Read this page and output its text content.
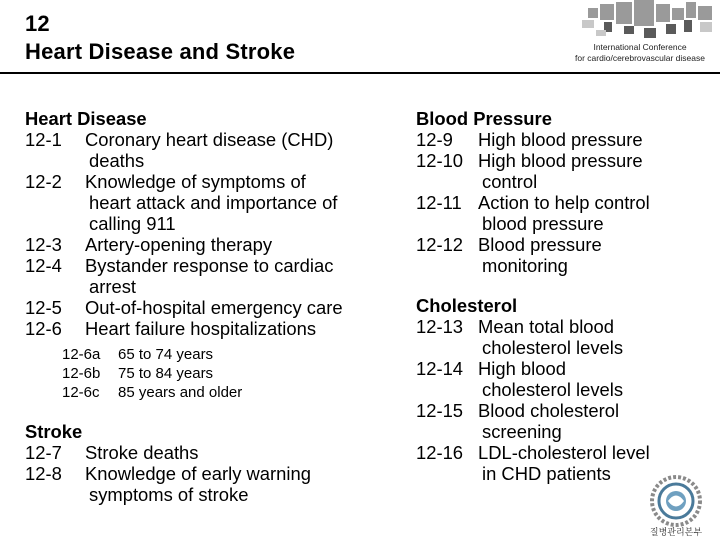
12
Heart Disease and Stroke	International Conference
for cardio/cerebrovascular disease
Heart Disease
12-1	Coronary heart disease (CHD)
deaths
12-2	Knowledge of symptoms of
heart attack and importance of
calling 911
12-3	Artery-opening therapy
12-4	Bystander response to cardiac
arrest
12-5	Out-of-hospital emergency care
12-6	Heart failure hospitalizations
12-6a	65 to 74 years
12-6b	75 to 84 years
12-6c	85 years and older
Stroke
12-7	Stroke deaths
12-8	Knowledge of early warning
symptoms of stroke
Blood Pressure
12-9	High blood pressure
12-10 High blood pressure
control
12-11 Action to help control
blood pressure
12-12 Blood pressure
monitoring
Cholesterol
12-13 Mean total blood
cholesterol levels
12-14 High blood
cholesterol levels
12-15 Blood cholesterol
screening
12-16 LDL-cholesterol level
in CHD patients
질병관리본부
